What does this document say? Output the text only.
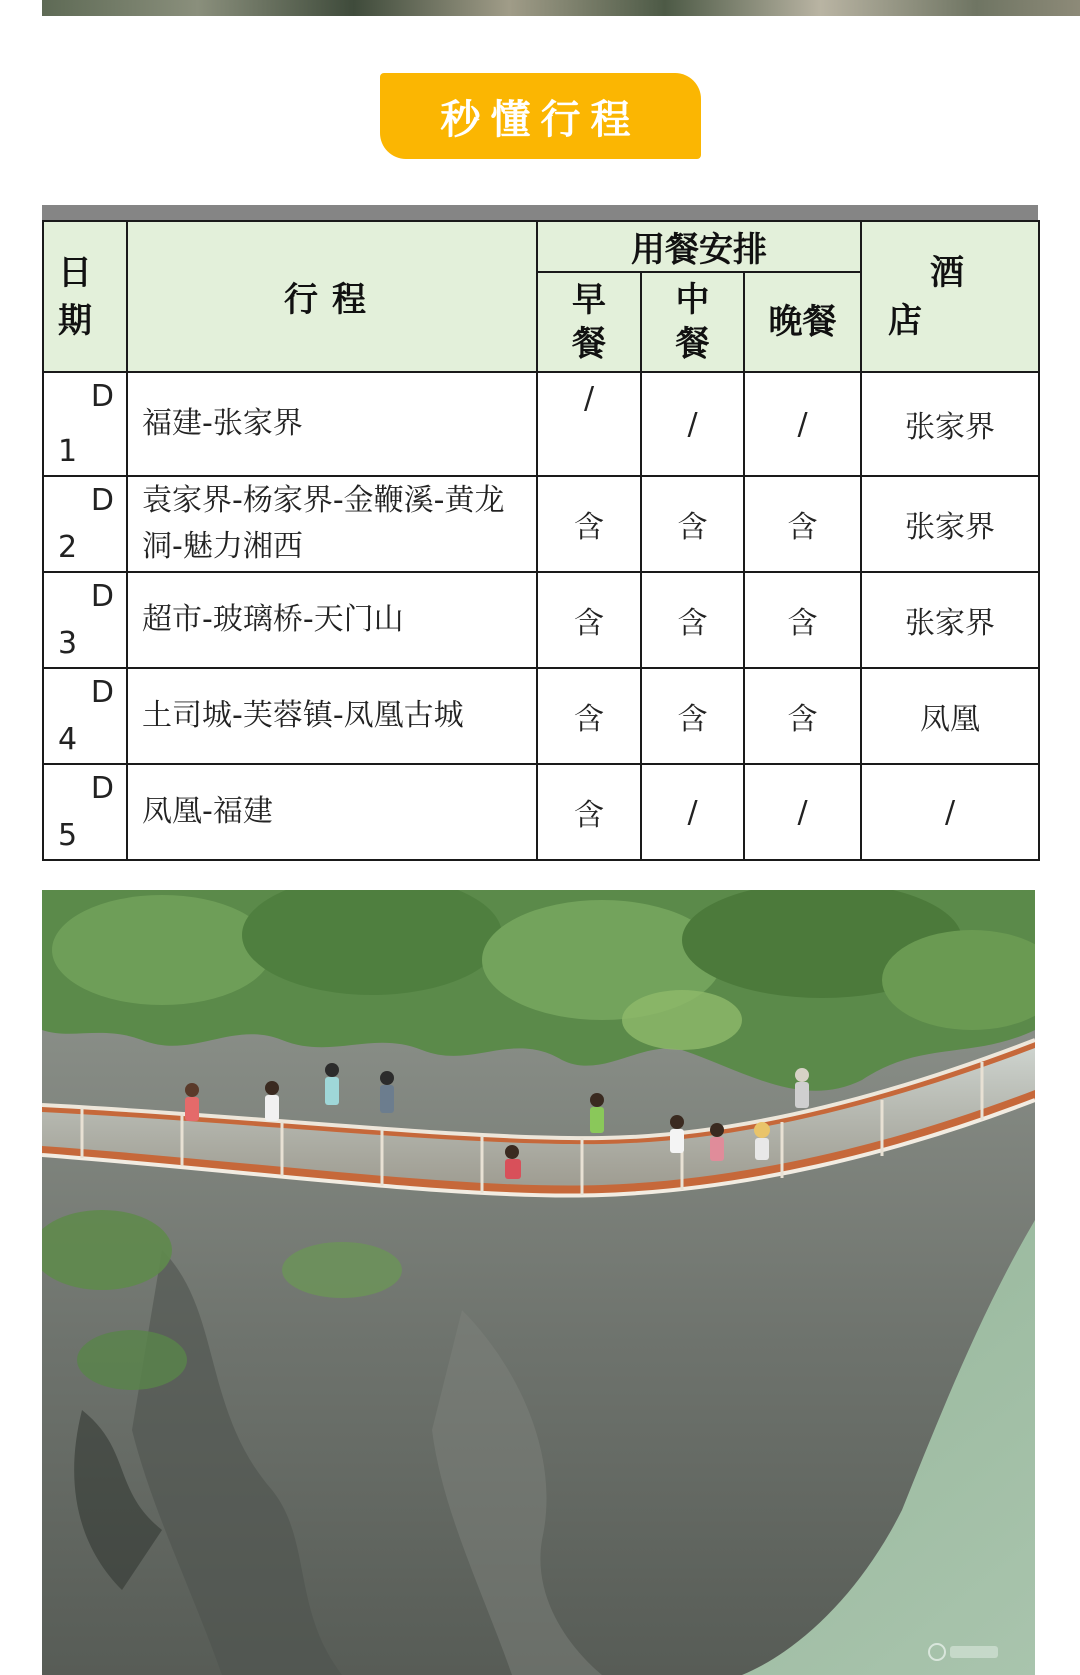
秒懂行程
日
期	行程	用餐安排			酒
店

		早
餐	中
餐	晚餐	

D
1	福建-张家界	/	/	/	张家界

D
2	袁家界-杨家界-金鞭溪-黄龙洞-魅力湘西	含	含	含	张家界

D
3	超市-玻璃桥-天门山	含	含	含	张家界

D
4	土司城-芙蓉镇-凤凰古城	含	含	含	凤凰

D
5	凤凰-福建	含	/	/	/
